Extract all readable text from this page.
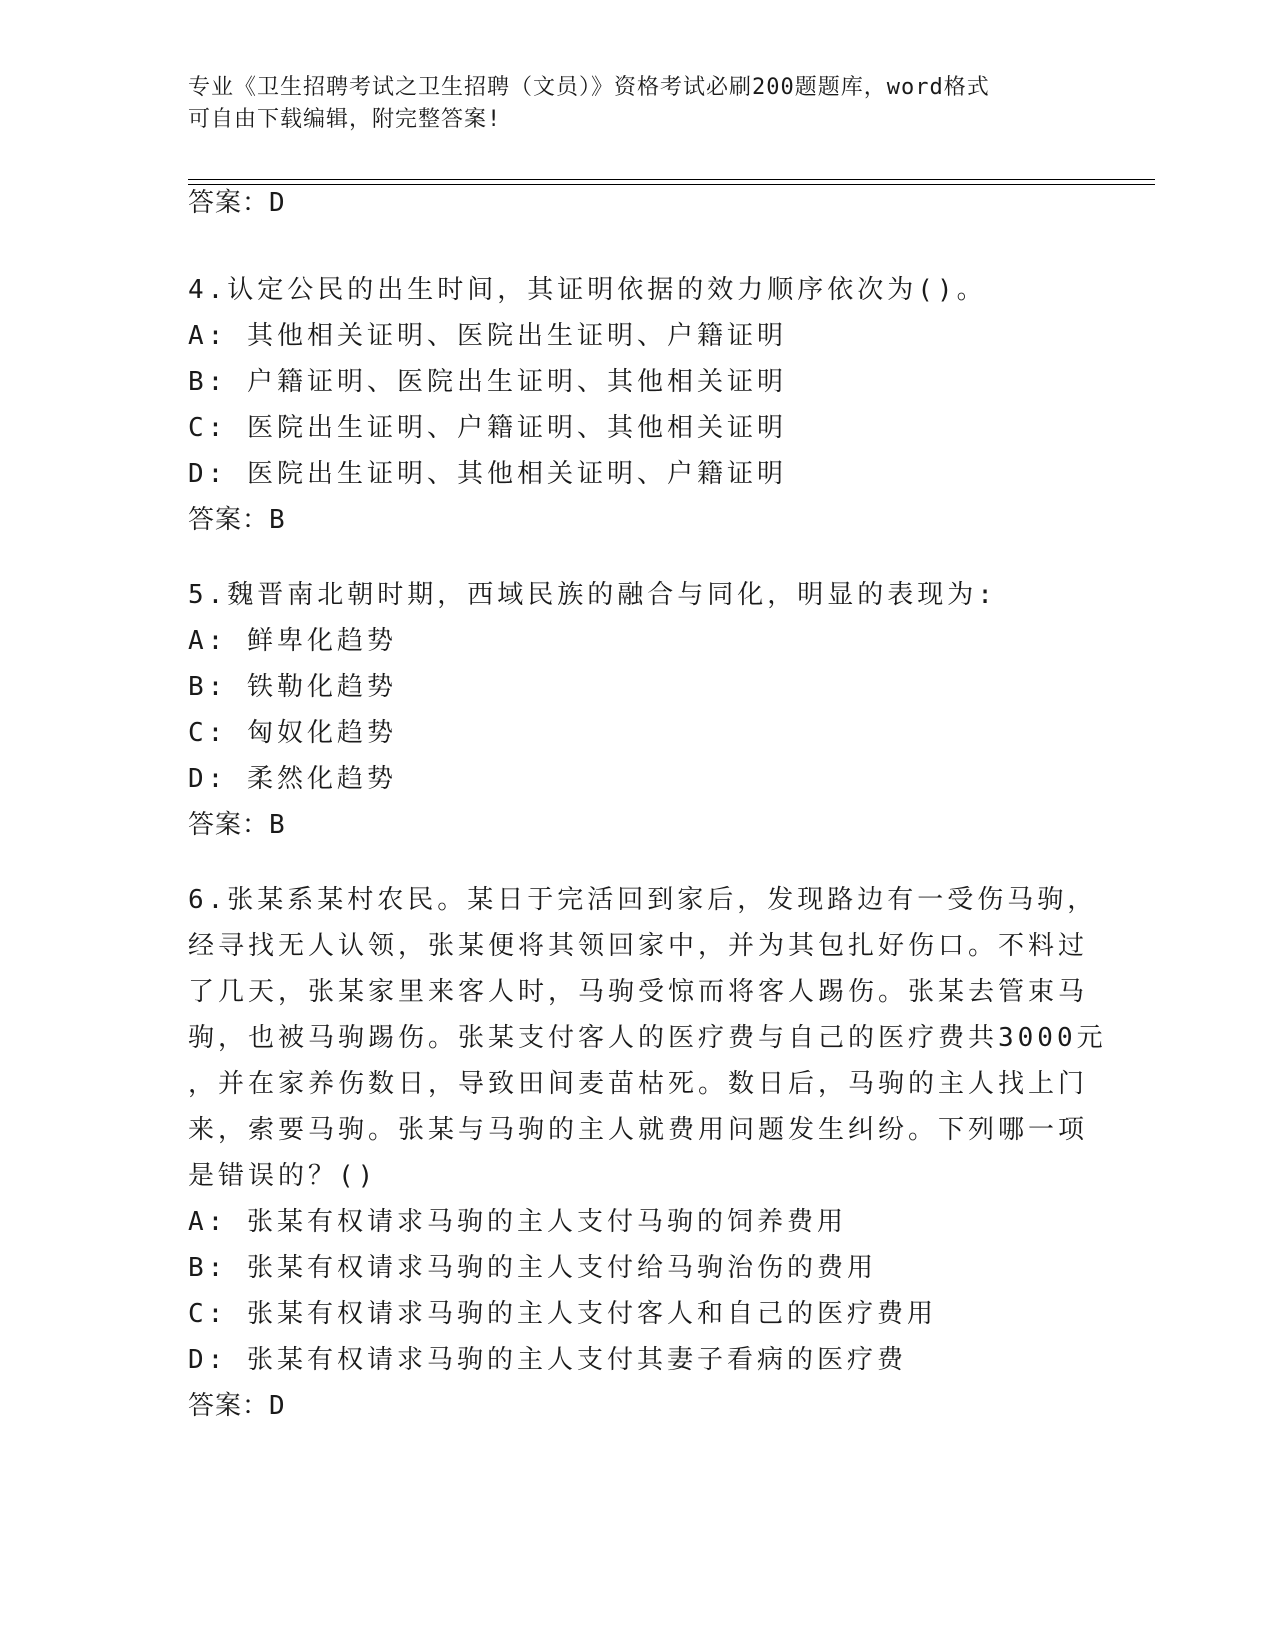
专业《卫生招聘考试之卫生招聘（文员）》资格考试必刷200题题库，word格式
可自由下载编辑，附完整答案!
答案：D
4.认定公民的出生时间，其证明依据的效力顺序依次为()。
A: 其他相关证明、医院出生证明、户籍证明
B: 户籍证明、医院出生证明、其他相关证明
C: 医院出生证明、户籍证明、其他相关证明
D: 医院出生证明、其他相关证明、户籍证明
答案：B
5.魏晋南北朝时期，西域民族的融合与同化，明显的表现为:
A: 鲜卑化趋势
B: 铁勒化趋势
C: 匈奴化趋势
D: 柔然化趋势
答案：B
6.张某系某村农民。某日于完活回到家后，发现路边有一受伤马驹，
经寻找无人认领，张某便将其领回家中，并为其包扎好伤口。不料过
了几天，张某家里来客人时，马驹受惊而将客人踢伤。张某去管束马
驹，也被马驹踢伤。张某支付客人的医疗费与自己的医疗费共3000元
，并在家养伤数日，导致田间麦苗枯死。数日后，马驹的主人找上门
来，索要马驹。张某与马驹的主人就费用问题发生纠纷。下列哪一项
是错误的？()
A: 张某有权请求马驹的主人支付马驹的饲养费用
B: 张某有权请求马驹的主人支付给马驹治伤的费用
C: 张某有权请求马驹的主人支付客人和自己的医疗费用
D: 张某有权请求马驹的主人支付其妻子看病的医疗费
答案：D
